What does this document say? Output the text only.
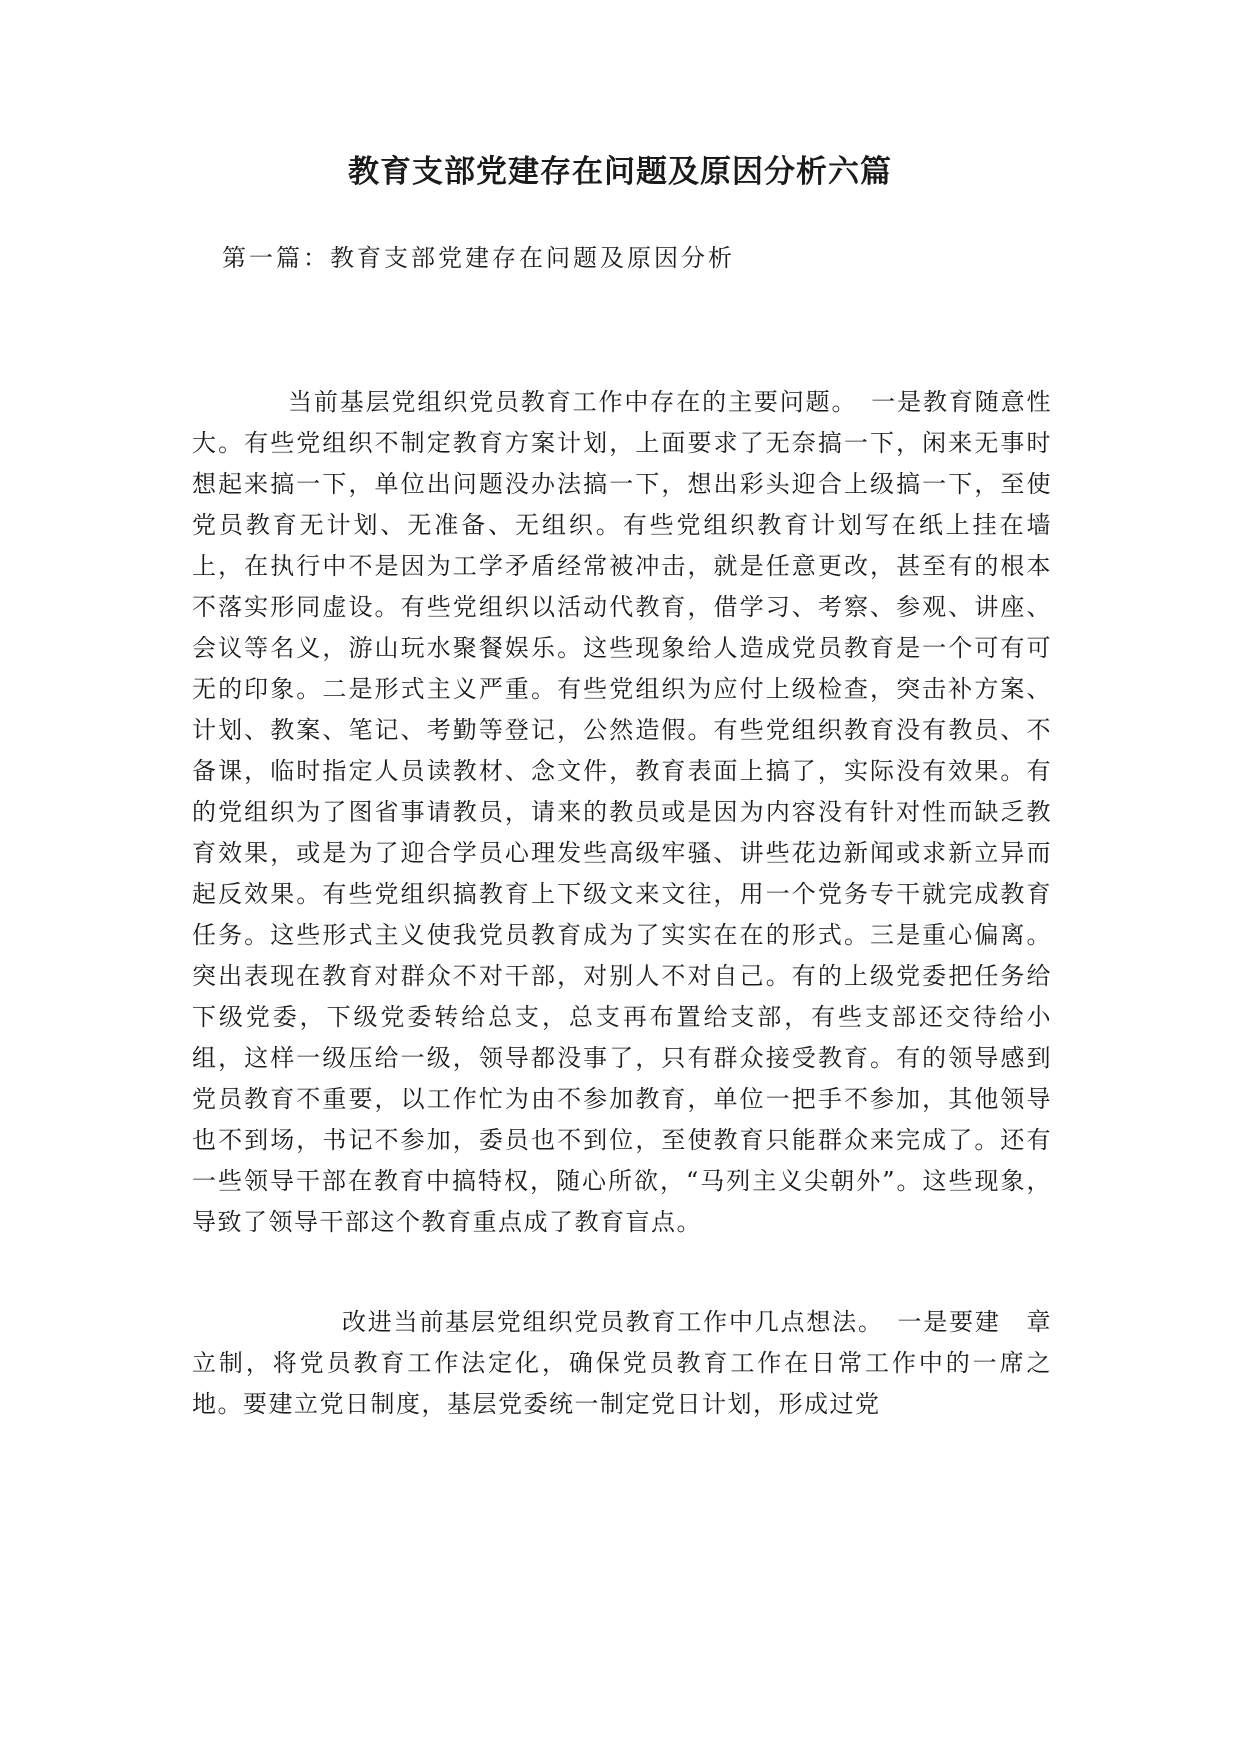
教育支部党建存在问题及原因分析六篇

第一篇：教育支部党建存在问题及原因分析

当前基层党组织党员教育工作中存在的主要问题。　一是教育随意性大。有些党组织不制定教育方案计划，上面要求了无奈搞一下，闲来无事时想起来搞一下，单位出问题没办法搞一下，想出彩头迎合上级搞一下，至使党员教育无计划、无准备、无组织。有些党组织教育计划写在纸上挂在墙上，在执行中不是因为工学矛盾经常被冲击，就是任意更改，甚至有的根本不落实形同虚设。有些党组织以活动代教育，借学习、考察、参观、讲座、会议等名义，游山玩水聚餐娱乐。这些现象给人造成党员教育是一个可有可无的印象。二是形式主义严重。有些党组织为应付上级检查，突击补方案、计划、教案、笔记、考勤等登记，公然造假。有些党组织教育没有教员、不备课，临时指定人员读教材、念文件，教育表面上搞了，实际没有效果。有的党组织为了图省事请教员，请来的教员或是因为内容没有针对性而缺乏教育效果，或是为了迎合学员心理发些高级牢骚、讲些花边新闻或求新立异而起反效果。有些党组织搞教育上下级文来文往，用一个党务专干就完成教育任务。这些形式主义使我党员教育成为了实实在在的形式。三是重心偏离。突出表现在教育对群众不对干部，对别人不对自己。有的上级党委把任务给下级党委，下级党委转给总支，总支再布置给支部，有些支部还交待给小组，这样一级压给一级，领导都没事了，只有群众接受教育。有的领导感到党员教育不重要，以工作忙为由不参加教育，单位一把手不参加，其他领导也不到场，书记不参加，委员也不到位，至使教育只能群众来完成了。还有一些领导干部在教育中搞特权，随心所欲，“马列主义尖朝外”。这些现象，导致了领导干部这个教育重点成了教育盲点。

改进当前基层党组织党员教育工作中几点想法。　一是要建　章立制，将党员教育工作法定化，确保党员教育工作在日常工作中的一席之地。要建立党日制度，基层党委统一制定党日计划，形成过党
